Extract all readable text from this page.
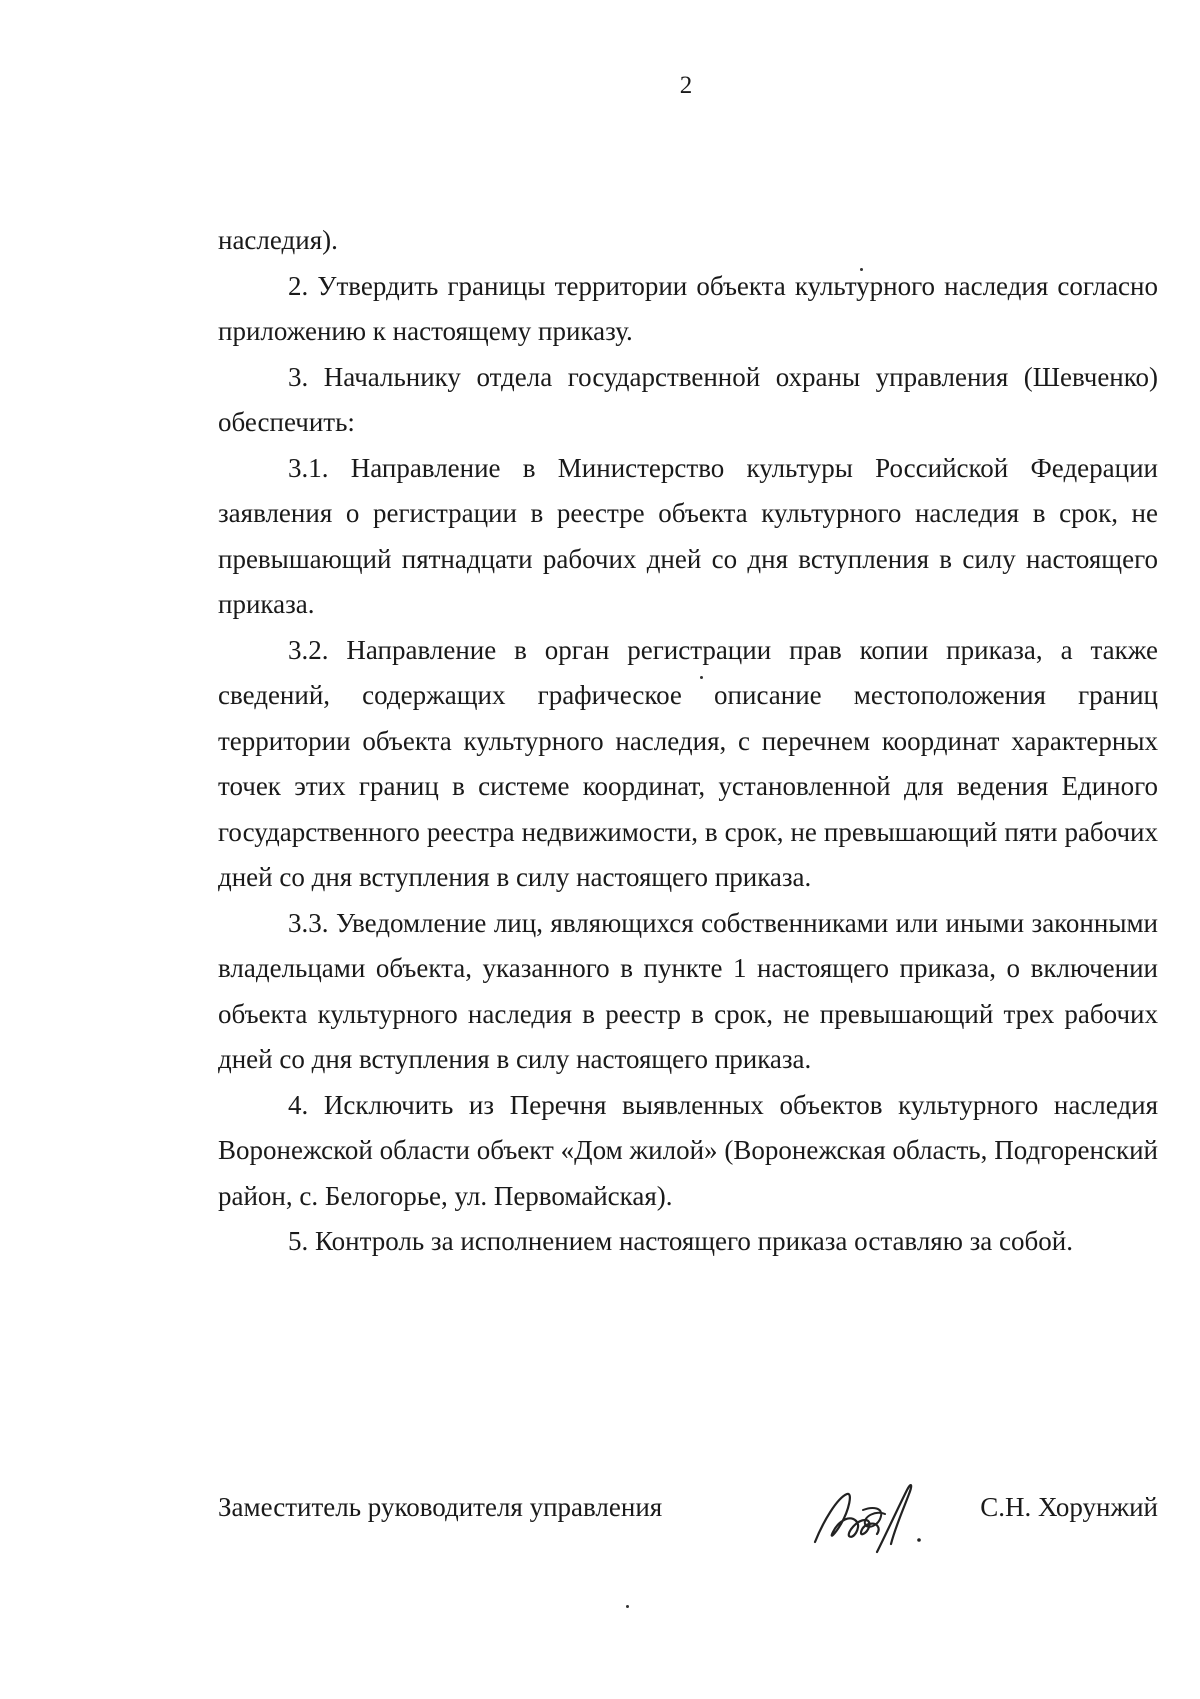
2

наследия).

2. Утвердить границы территории объекта культурного наследия согласно приложению к настоящему приказу.

3. Начальнику отдела государственной охраны управления (Шевченко) обеспечить:

3.1. Направление в Министерство культуры Российской Федерации заявления о регистрации в реестре объекта культурного наследия в срок, не превышающий пятнадцати рабочих дней со дня вступления в силу настоящего приказа.

3.2. Направление в орган регистрации прав копии приказа, а также сведений, содержащих графическое описание местоположения границ территории объекта культурного наследия, с перечнем координат характерных точек этих границ в системе координат, установленной для ведения Единого государственного реестра недвижимости, в срок, не превышающий пяти рабочих дней со дня вступления в силу настоящего приказа.

3.3. Уведомление лиц, являющихся собственниками или иными законными владельцами объекта, указанного в пункте 1 настоящего приказа, о включении объекта культурного наследия в реестр в срок, не превышающий трех рабочих дней со дня вступления в силу настоящего приказа.

4. Исключить из Перечня выявленных объектов культурного наследия Воронежской области объект «Дом жилой» (Воронежская область, Подгоренский район, с. Белогорье, ул. Первомайская).

5. Контроль за исполнением настоящего приказа оставляю за собой.

Заместитель руководителя управления	С.Н. Хорунжий
